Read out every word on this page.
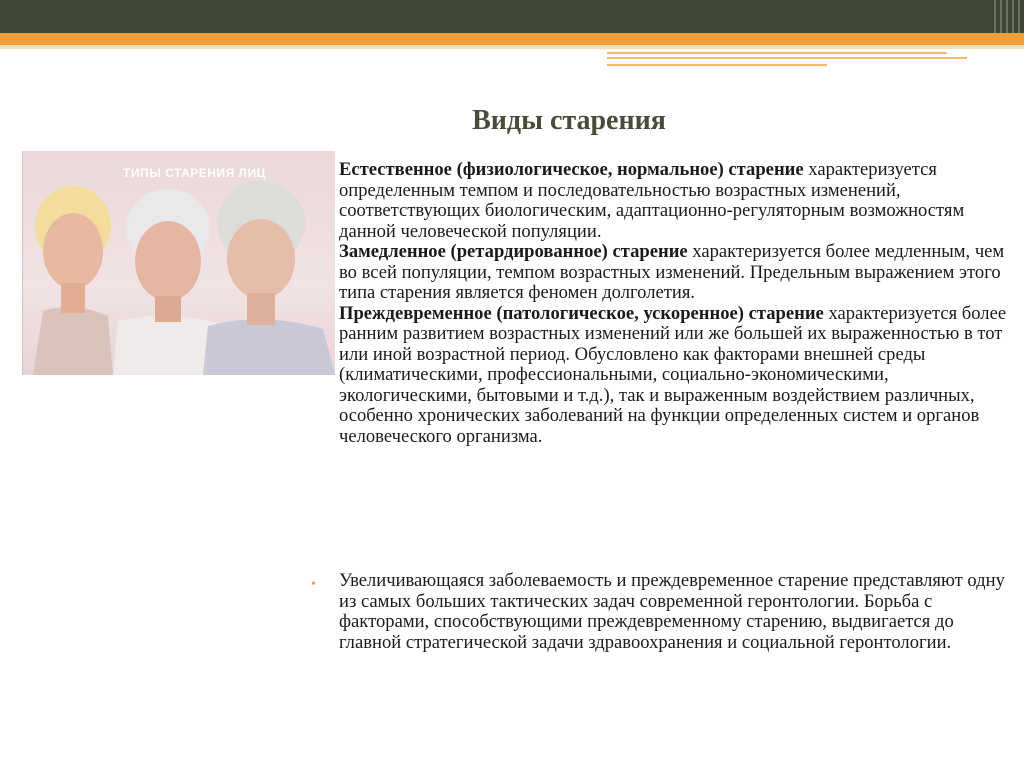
Виды старения
ТИПЫ СТАРЕНИЯ ЛИЦ	Естественное (физиологическое, нормальное) старение характеризуется определенным темпом и последовательностью возрастных изменений, соответствующих биологическим, адаптационно-регуляторным возможностям данной человеческой популяции.

Замедленное (ретардированное) старение характеризуется более медленным, чем во всей популяции, темпом возрастных изменений. Предельным выражением этого типа старения является феномен долголетия.

Преждевременное (патологическое, ускоренное) старение характеризуется более ранним развитием возрастных изменений или же большей их выраженностью в тот или иной возрастной период. Обусловлено как факторами внешней среды (климатическими, профессиональными, социально-экономическими, экологическими, бытовыми и т.д.), так и выраженным воздействием различных, особенно хронических заболеваний на функции определенных систем и органов человеческого организма.

• Увеличивающаяся заболеваемость и преждевременное старение представляют одну из самых больших тактических задач современной геронтологии. Борьба с факторами, способствующими преждевременному старению, выдвигается до главной стратегической задачи здравоохранения и социальной геронтологии.
